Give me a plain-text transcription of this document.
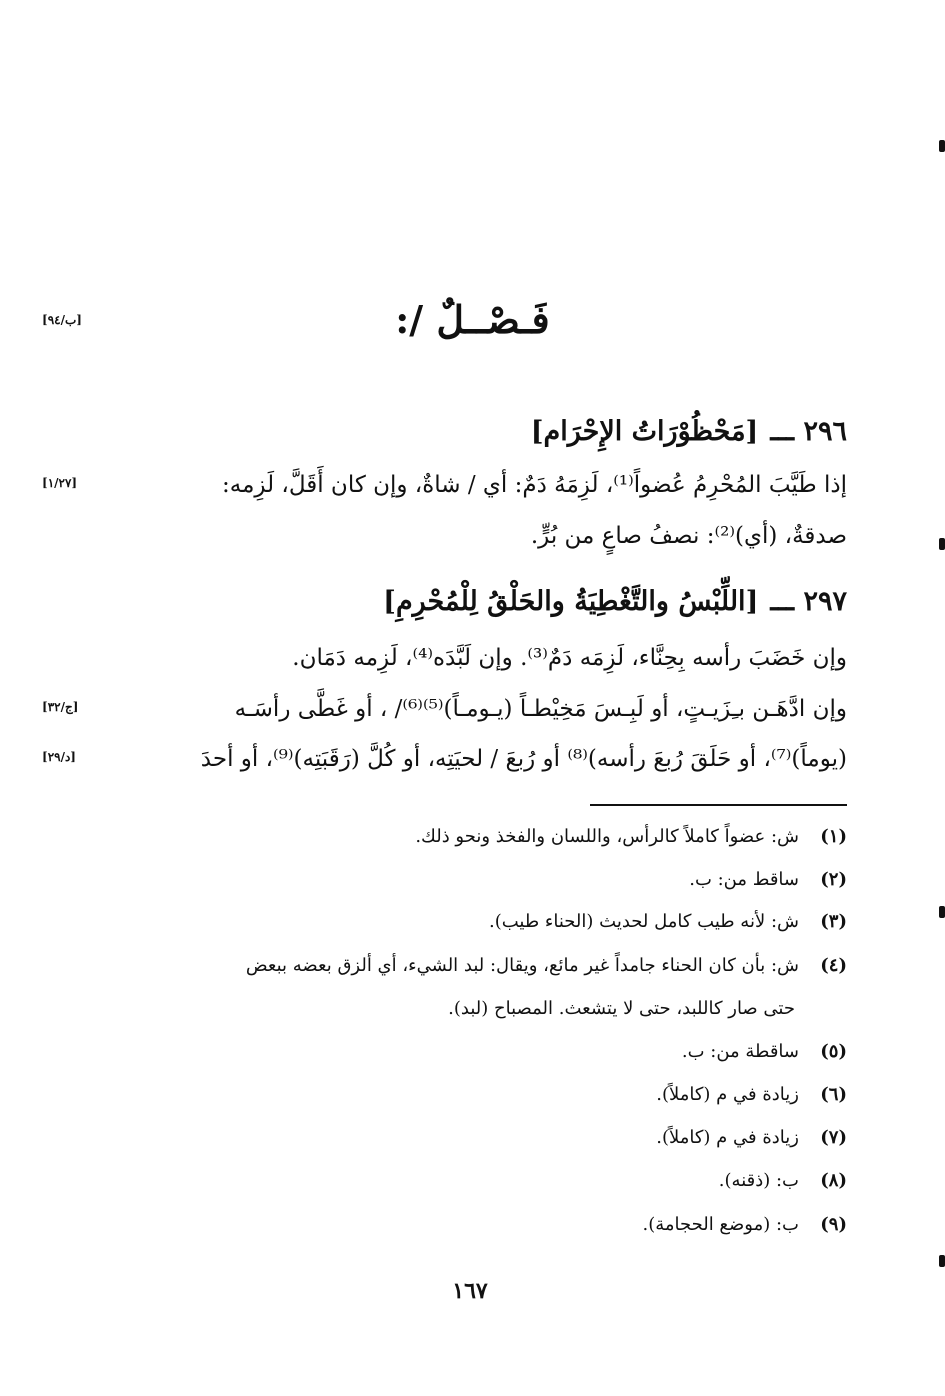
فَـصْــلٌ /:
[ب/٩٤]
٢٩٦ ـــ[مَحْظُوْرَاتُ الإِحْرَام]
إذا طَيَّبَ المُحْرِمُ عُضواً⁽¹⁾، لَزِمَهُ دَمٌ: أي / شاةٌ، وإن كان أَقَلَّ، لَزِمه:
[١/٢٧]
صدقةٌ، (أي)⁽²⁾: نصفُ صاعٍ من بُرٍّ.
٢٩٧ ـــ[اللِّبْسُ والتَّغْطِيَةُ والحَلْقُ لِلْمُحْرِمِ]
وإن خَضَبَ رأسه بِحِنَّاء، لَزِمَه دَمٌ⁽³⁾. وإن لَبَّدَه⁽⁴⁾، لَزِمه دَمَان.
وإن ادَّهَـن بـِزَيـتٍ، أو لَبِـسَ مَخِيْطـاً (يـومـاً)⁽⁵⁾⁽⁶⁾/ ، أو غَطَّى رأسَـه
[ج/٣٢]
(يوماً)⁽⁷⁾، أو حَلَقَ رُبعَ رأسه)⁽⁸⁾ أو رُبعَ / لحيَتِه، أو كُلَّ (رَقَبَتِه)⁽⁹⁾، أو أحدَ
[د/٢٩]
(١)ش: عضواً كاملاً كالرأس، واللسان والفخذ ونحو ذلك.
(٢)ساقط من: ب.
(٣)ش: لأنه طيب كامل لحديث (الحناء طيب).
(٤)ش: بأن كان الحناء جامداً غير مائع، ويقال: لبد الشيء، أي ألزق بعضه ببعض
حتى صار كاللبد، حتى لا يتشعث. المصباح (لبد).
(٥)ساقطة من: ب.
(٦)زيادة في م (كاملاً).
(٧)زيادة في م (كاملاً).
(٨)ب: (ذقنه).
(٩)ب: (موضع الحجامة).
١٦٧
